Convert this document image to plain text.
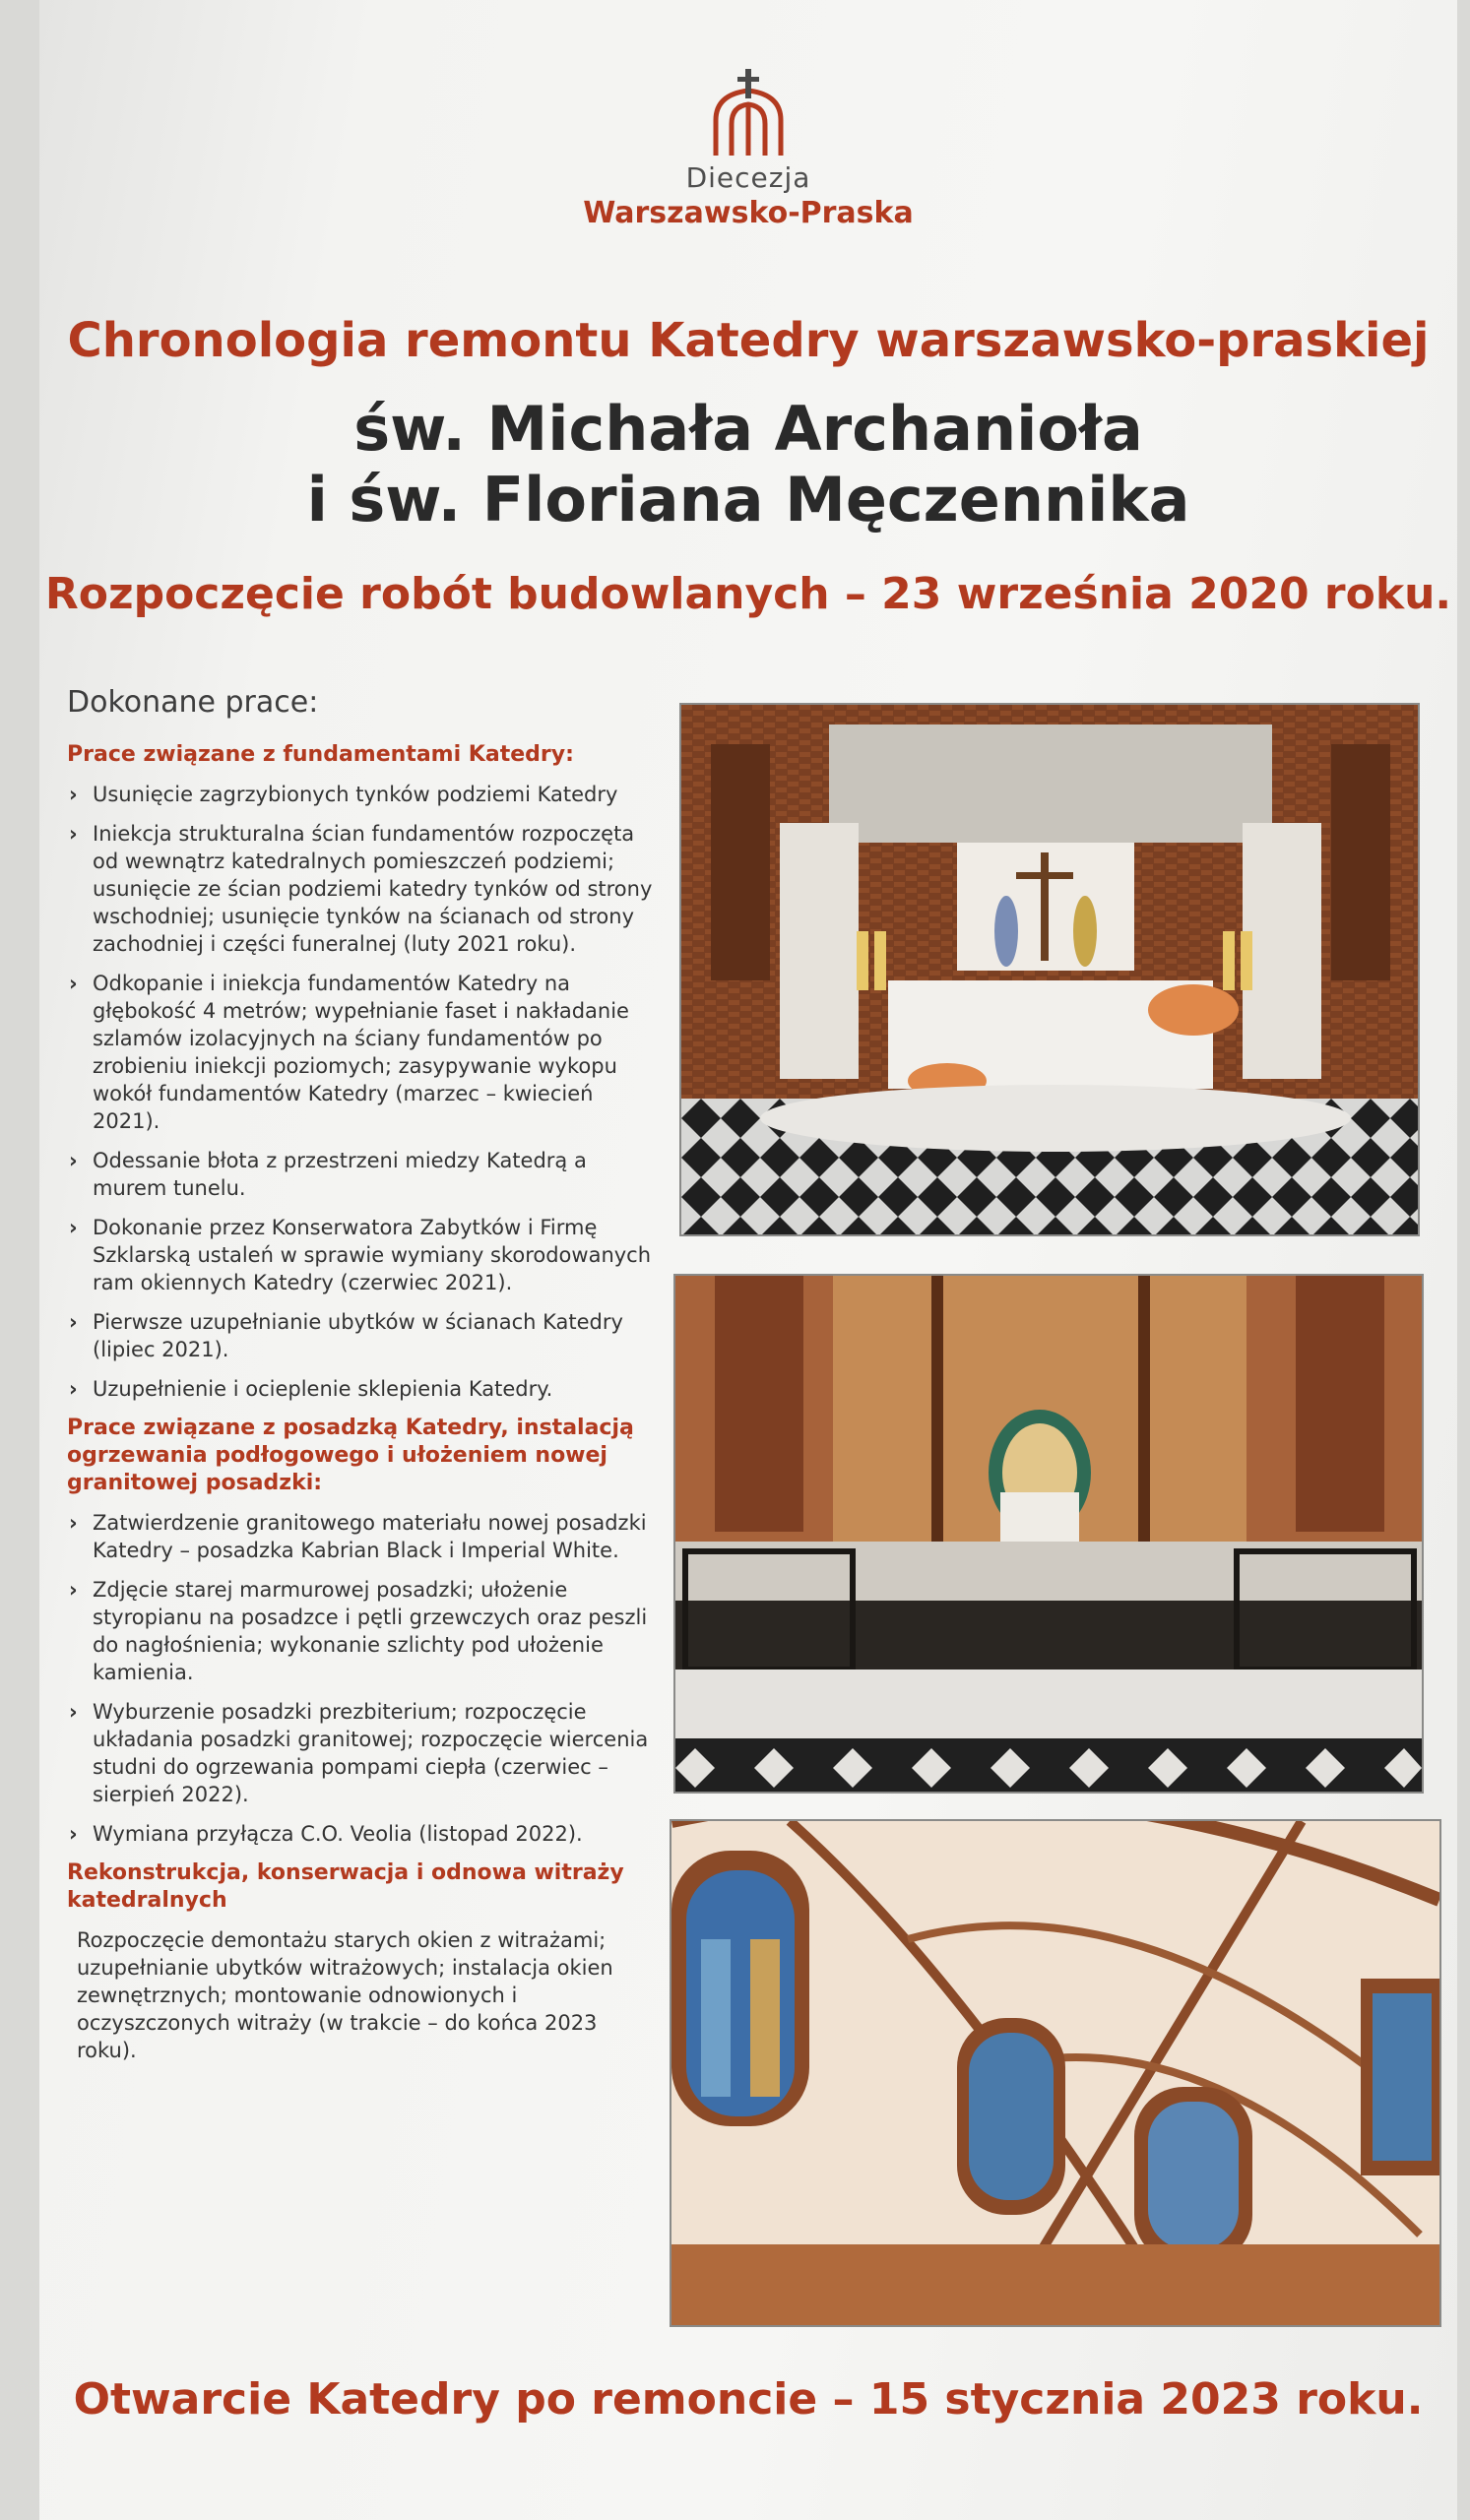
Diecezja
Warszawsko-Praska
Chronologia remontu Katedry warszawsko-praskiej
św. Michała Archanioła
i św. Floriana Męczennika
Rozpoczęcie robót budowlanych – 23 września 2020 roku.
Dokonane prace:
Prace związane z fundamentami Katedry:
› Usunięcie zagrzybionych tynków podziemi Katedry
› Iniekcja strukturalna ścian fundamentów rozpoczęta od wewnątrz katedralnych pomieszczeń podziemi; usunięcie ze ścian podziemi katedry tynków od strony wschodniej; usunięcie tynków na ścianach od strony zachodniej i części funeralnej (luty 2021 roku).
› Odkopanie i iniekcja fundamentów Katedry na głębokość 4 metrów; wypełnianie faset i nakładanie szlamów izolacyjnych na ściany fundamentów po zrobieniu iniekcji poziomych; zasypywanie wykopu wokół fundamentów Katedry (marzec – kwiecień 2021).
› Odessanie błota z przestrzeni miedzy Katedrą a murem tunelu.
› Dokonanie przez Konserwatora Zabytków i Firmę Szklarską ustaleń w sprawie wymiany skorodowanych ram okiennych Katedry (czerwiec 2021).
› Pierwsze uzupełnianie ubytków w ścianach Katedry (lipiec 2021).
› Uzupełnienie i ocieplenie sklepienia Katedry.
Prace związane z posadzką Katedry, instalacją ogrzewania podłogowego i ułożeniem nowej granitowej posadzki:
› Zatwierdzenie granitowego materiału nowej posadzki Katedry – posadzka Kabrian Black i Imperial White.
› Zdjęcie starej marmurowej posadzki; ułożenie styropianu na posadzce i pętli grzewczych oraz peszli do nagłośnienia; wykonanie szlichty pod ułożenie kamienia.
› Wyburzenie posadzki prezbiterium; rozpoczęcie układania posadzki granitowej; rozpoczęcie wiercenia studni do ogrzewania pompami ciepła (czerwiec – sierpień 2022).
› Wymiana przyłącza C.O. Veolia (listopad 2022).
Rekonstrukcja, konserwacja i odnowa witraży katedralnych
Rozpoczęcie demontażu starych okien z witrażami; uzupełnianie ubytków witrażowych; instalacja okien zewnętrznych; montowanie odnowionych i oczyszczonych witraży (w trakcie – do końca 2023 roku).
Otwarcie Katedry po remoncie – 15 stycznia 2023 roku.
